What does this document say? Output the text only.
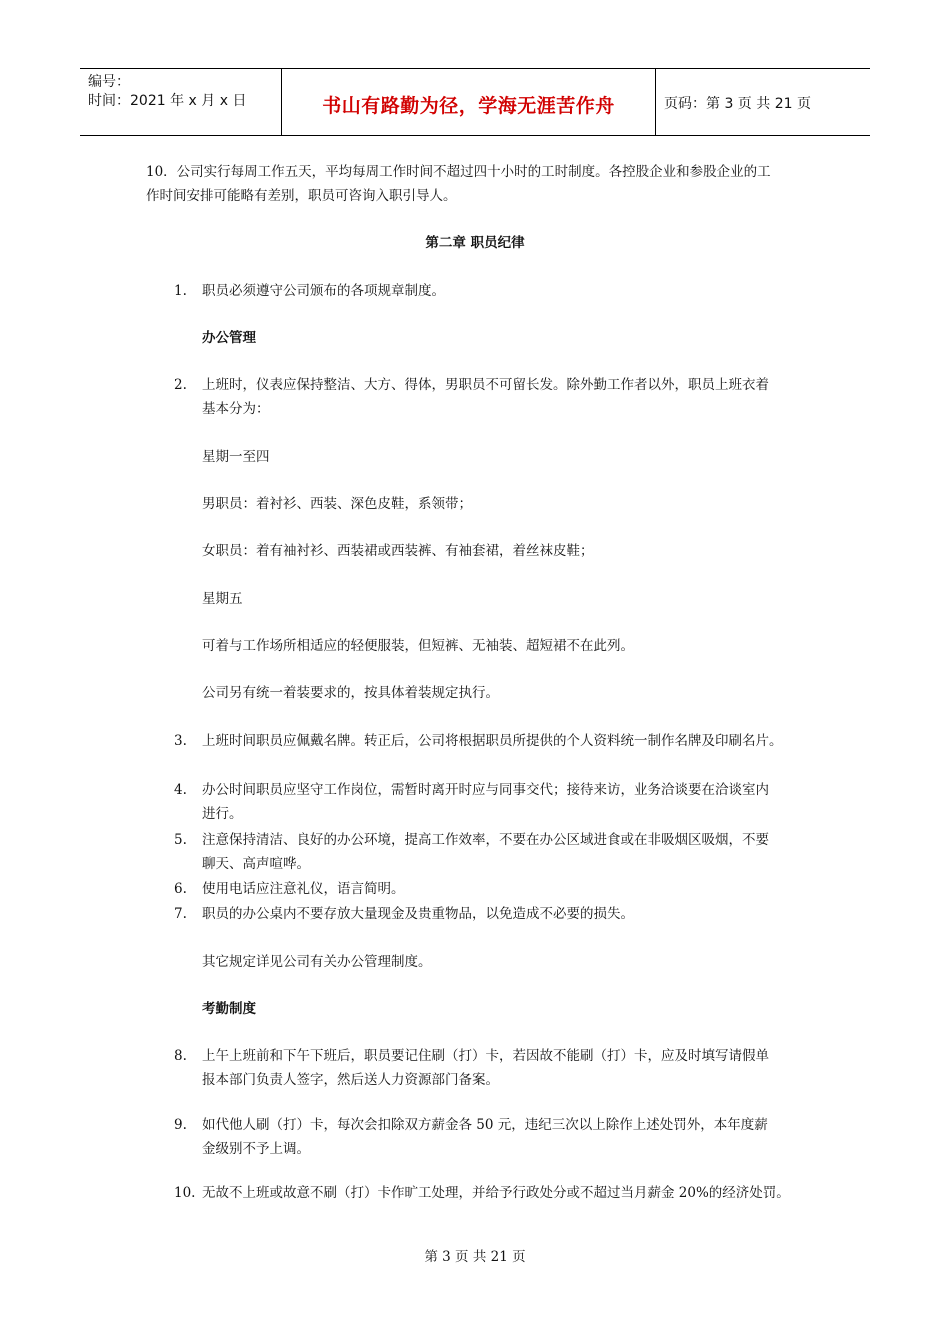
编号：
时间：2021 年 x 月 x 日	书山有路勤为径，学海无涯苦作舟	页码：第 3 页 共 21 页
10．公司实行每周工作五天，平均每周工作时间不超过四十小时的工时制度。各控股企业和参股企业的工
作时间安排可能略有差别，职员可咨询入职引导人。
第二章 职员纪律
1. 职员必须遵守公司颁布的各项规章制度。
办公管理
2. 上班时，仪表应保持整洁、大方、得体，男职员不可留长发。除外勤工作者以外，职员上班衣着
基本分为：
星期一至四
男职员：着衬衫、西装、深色皮鞋，系领带；
女职员：着有袖衬衫、西装裙或西装裤、有袖套裙，着丝袜皮鞋；
星期五
可着与工作场所相适应的轻便服装，但短裤、无袖装、超短裙不在此列。
公司另有统一着装要求的，按具体着装规定执行。
3. 上班时间职员应佩戴名牌。转正后，公司将根据职员所提供的个人资料统一制作名牌及印刷名片。
4. 办公时间职员应坚守工作岗位，需暂时离开时应与同事交代；接待来访，业务洽谈要在洽谈室内
进行。
5. 注意保持清洁、良好的办公环境，提高工作效率，不要在办公区域进食或在非吸烟区吸烟，不要
聊天、高声喧哗。
6. 使用电话应注意礼仪，语言简明。
7. 职员的办公桌内不要存放大量现金及贵重物品，以免造成不必要的损失。
其它规定详见公司有关办公管理制度。
考勤制度
8. 上午上班前和下午下班后，职员要记住刷（打）卡，若因故不能刷（打）卡，应及时填写请假单
报本部门负责人签字，然后送人力资源部门备案。
9. 如代他人刷（打）卡，每次会扣除双方薪金各 50 元，违纪三次以上除作上述处罚外，本年度薪
金级别不予上调。
10. 无故不上班或故意不刷（打）卡作旷工处理，并给予行政处分或不超过当月薪金 20%的经济处罚。
第 3 页 共 21 页
